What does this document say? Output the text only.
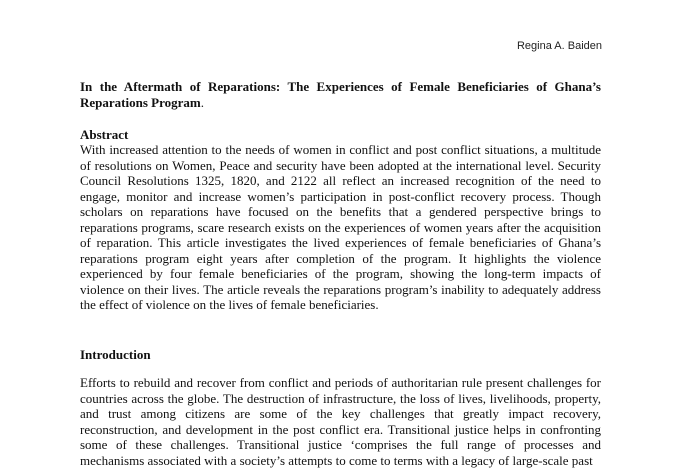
Regina A. Baiden
In the Aftermath of Reparations: The Experiences of Female Beneficiaries of Ghana’s Reparations Program.
Abstract
With increased attention to the needs of women in conflict and post conflict situations, a multitude of resolutions on Women, Peace and security have been adopted at the international level. Security Council Resolutions 1325, 1820, and 2122 all reflect an increased recognition of the need to engage, monitor and increase women’s participation in post-conflict recovery process. Though scholars on reparations have focused on the benefits that a gendered perspective brings to reparations programs, scare research exists on the experiences of women years after the acquisition of reparation. This article investigates the lived experiences of female beneficiaries of Ghana’s reparations program eight years after completion of the program. It highlights the violence experienced by four female beneficiaries of the program, showing the long-term impacts of violence on their lives. The article reveals the reparations program’s inability to adequately address the effect of violence on the lives of female beneficiaries.
Introduction
Efforts to rebuild and recover from conflict and periods of authoritarian rule present challenges for countries across the globe. The destruction of infrastructure, the loss of lives, livelihoods, property, and trust among citizens are some of the key challenges that greatly impact recovery, reconstruction, and development in the post conflict era. Transitional justice helps in confronting some of these challenges. Transitional justice ‘comprises the full range of processes and mechanisms associated with a society’s attempts to come to terms with a legacy of large-scale past
